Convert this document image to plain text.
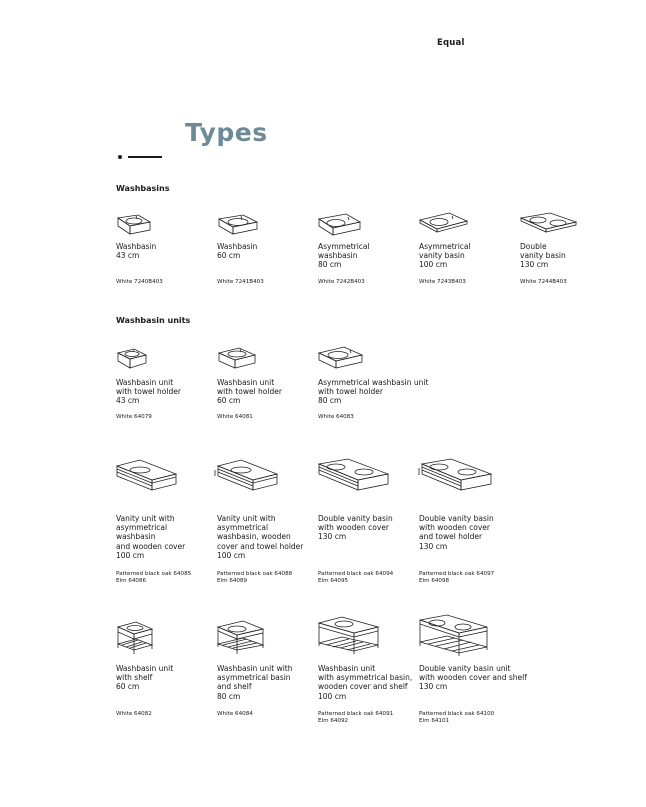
Equal
Types
Washbasins
Washbasin
43 cm
White 7240B403
Washbasin
60 cm
White 7241B403
Asymmetrical
washbasin
80 cm
White 7242B403
Asymmetrical
vanity basin
100 cm
White 7243B403
Double
vanity basin
130 cm
White 7244B403
Washbasin units
Washbasin unit
with towel holder
43 cm
White 64079
Washbasin unit
with towel holder
60 cm
White 64081
Asymmetrical washbasin unit
with towel holder
80 cm
White 64083
Vanity unit with
asymmetrical
washbasin
and wooden cover
100 cm
Patterned black oak 64085
Elm 64086
Vanity unit with
asymmetrical
washbasin, wooden
cover and towel holder
100 cm
Patterned black oak 64088
Elm 64089
Double vanity basin
with wooden cover
130 cm
Patterned black oak 64094
Elm 64095
Double vanity basin
with wooden cover
and towel holder
130 cm
Patterned black oak 64097
Elm 64098
Washbasin unit
with shelf
60 cm
White 64082
Washbasin unit with
asymmetrical basin
and shelf
80 cm
White 64084
Washbasin unit
with asymmetrical basin,
wooden cover and shelf
100 cm
Patterned black oak 64091
Elm 64092
Double vanity basin unit
with wooden cover and shelf
130 cm
Patterned black oak 64100
Elm 64101
